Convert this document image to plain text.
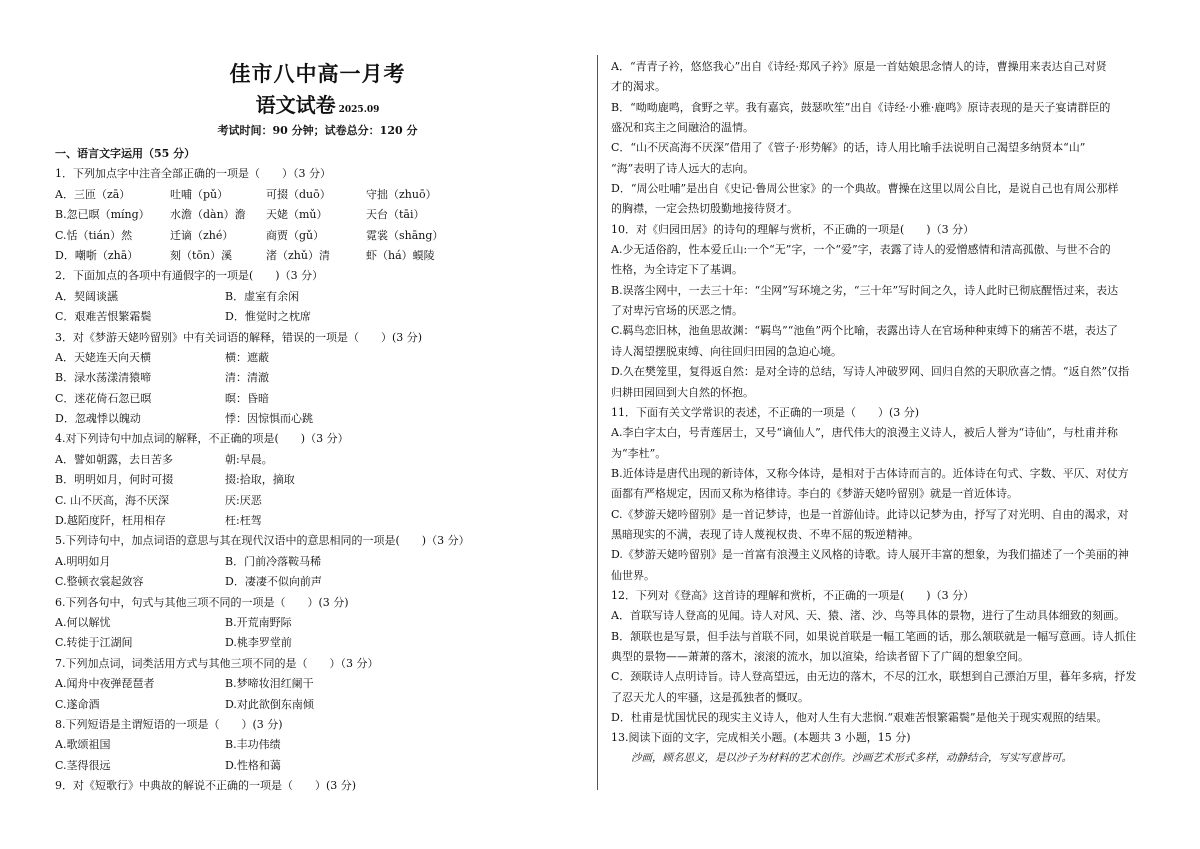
佳市八中高一月考
语文试卷 2025.09
考试时间：90 分钟；试卷总分：120 分
一、语言文字运用（55 分）
1．下列加点字中注音全部正确的一项是（　　）（3 分）
A．三匝（zā）	吐哺（pǔ）	可掇（duō）	守拙（zhuō）
B.忽已暝（míng）	水澹（dàn）澹	天姥（mǔ）	天台（tāi）
C.恬（tián）然	迁谪（zhé）	商贾（gǔ）	霓裳（shāng）
D．嘲哳（zhā）	刻（tōn）溪	渚（zhǔ）清	虾（há）蟆陵
2．下面加点的各项中有通假字的一项是(　　)（3 分）
A．契阔谈讌	B．虚室有余闲
C．艰难苦恨繁霜鬓	D．惟觉时之枕席
3．对《梦游天姥吟留别》中有关词语的解释，错误的一项是（　　）(3 分)
A．天姥连天向天横	横：遮蔽
B．渌水荡漾清猿啼	清：清澈
C．迷花倚石忽已暝	暝：昏暗
D．忽魂悸以魄动	悸：因惊惧而心跳
4.对下列诗句中加点词的解释，不正确的项是(　　)（3 分）
A．譬如朝露，去日苦多	朝:早晨。
B．明明如月，何时可掇	掇:拾取，摘取
C. 山不厌高，海不厌深	厌:厌恶
D.越陌度阡，枉用相存	枉:枉驾
5.下列诗句中，加点词语的意思与其在现代汉语中的意思相同的一项是(　　)（3 分）
A.明明如月	B．门前冷落鞍马稀
C.整顿衣裳起敛容	D．凄凄不似向前声
6.下列各句中，句式与其他三项不同的一项是（　　）(3 分)
A.何以解忧	B.开荒南野际
C.转徙于江湖间	D.桃李罗堂前
7.下列加点词，词类活用方式与其他三项不同的是（　　）（3 分）
A.闻舟中夜弹琵琶者	B.梦啼妆泪红阑干
C.遂命酒	D.对此欲倒东南倾
8.下列短语是主谓短语的一项是（　　）(3 分)
A.歌颂祖国	B.丰功伟绩
C.茎得很远	D.性格和蔼
9．对《短歌行》中典故的解说不正确的一项是（　　）(3 分)
A．“青青子衿，悠悠我心”出自《诗经·郑风子衿》原是一首姑娘思念情人的诗，曹操用来表达自己对贤
才的渴求。
B．“呦呦鹿鸣，食野之苹。我有嘉宾，鼓瑟吹笙”出自《诗经·小雅·鹿鸣》原诗表现的是天子宴请群臣的
盛况和宾主之间融洽的温情。
C．“山不厌高海不厌深”借用了《管子·形势解》的话，诗人用比喻手法说明自己渴望多纳贤本“山”
“海”表明了诗人远大的志向。
D．“周公吐哺”是出自《史记·鲁周公世家》的一个典故。曹操在这里以周公自比，是说自己也有周公那样
的胸襟，一定会热切殷勤地接待贤才。
10．对《归园田居》的诗句的理解与赏析，不正确的一项是(　　)（3 分）
A.少无适俗韵，性本爱丘山:一个“无”字，一个“爱”字，表露了诗人的爱憎感情和清高孤傲、与世不合的
性格，为全诗定下了基调。
B.误落尘网中，一去三十年：“尘网”写环境之劣，“三十年”写时间之久，诗人此时已彻底醒悟过来，表达
了对卑污官场的厌恶之情。
C.羁鸟恋旧林，池鱼思故渊：“羁鸟”“池鱼”两个比喻，表露出诗人在官场种种束缚下的痛苦不堪，表达了
诗人渴望摆脱束缚、向往回归田园的急迫心境。
D.久在樊笼里，复得返自然：是对全诗的总结，写诗人冲破罗网、回归自然的天职欣喜之情。“返自然”仅指
归耕田园回到大自然的怀抱。
11．下面有关文学常识的表述，不正确的一项是（　　）(3 分)
A.李白字太白，号青莲居士，又号“谪仙人”，唐代伟大的浪漫主义诗人，被后人誉为“诗仙”，与杜甫并称
为“李杜”。
B.近体诗是唐代出现的新诗体，又称今体诗，是相对于古体诗而言的。近体诗在句式、字数、平仄、对仗方
面都有严格规定，因而又称为格律诗。李白的《梦游天姥吟留别》就是一首近体诗。
C.《梦游天姥吟留别》是一首记梦诗，也是一首游仙诗。此诗以记梦为由，抒写了对光明、自由的渴求，对
黑暗现实的不满，表现了诗人蔑视权贵、不卑不屈的叛逆精神。
D.《梦游天姥吟留别》是一首富有浪漫主义风格的诗歌。诗人展开丰富的想象，为我们描述了一个美丽的神
仙世界。
12．下列对《登高》这首诗的理解和赏析，不正确的一项是(　　)（3 分）
A．首联写诗人登高的见闻。诗人对风、天、猿、渚、沙、鸟等具体的景物，进行了生动具体细致的刻画。
B．颔联也是写景，但手法与首联不同，如果说首联是一幅工笔画的话，那么颔联就是一幅写意画。诗人抓住
典型的景物——萧萧的落木，滚滚的流水，加以渲染，给读者留下了广阔的想象空间。
C．颈联诗人点明诗旨。诗人登高望远，由无边的落木，不尽的江水，联想到自己漂泊万里，暮年多病，抒发
了忍天尤人的牢骚，这是孤独者的慨叹。
D．杜甫是忧国忧民的现实主义诗人，他对人生有大悲悯.“艰难苦恨繁霜鬓”是他关于现实观照的结果。
13.阅读下面的文字，完成相关小题。(本题共 3 小题，15 分)
沙画，顾名思义，是以沙子为材料的艺术创作。沙画艺术形式多样，动静结合，写实写意皆可。
